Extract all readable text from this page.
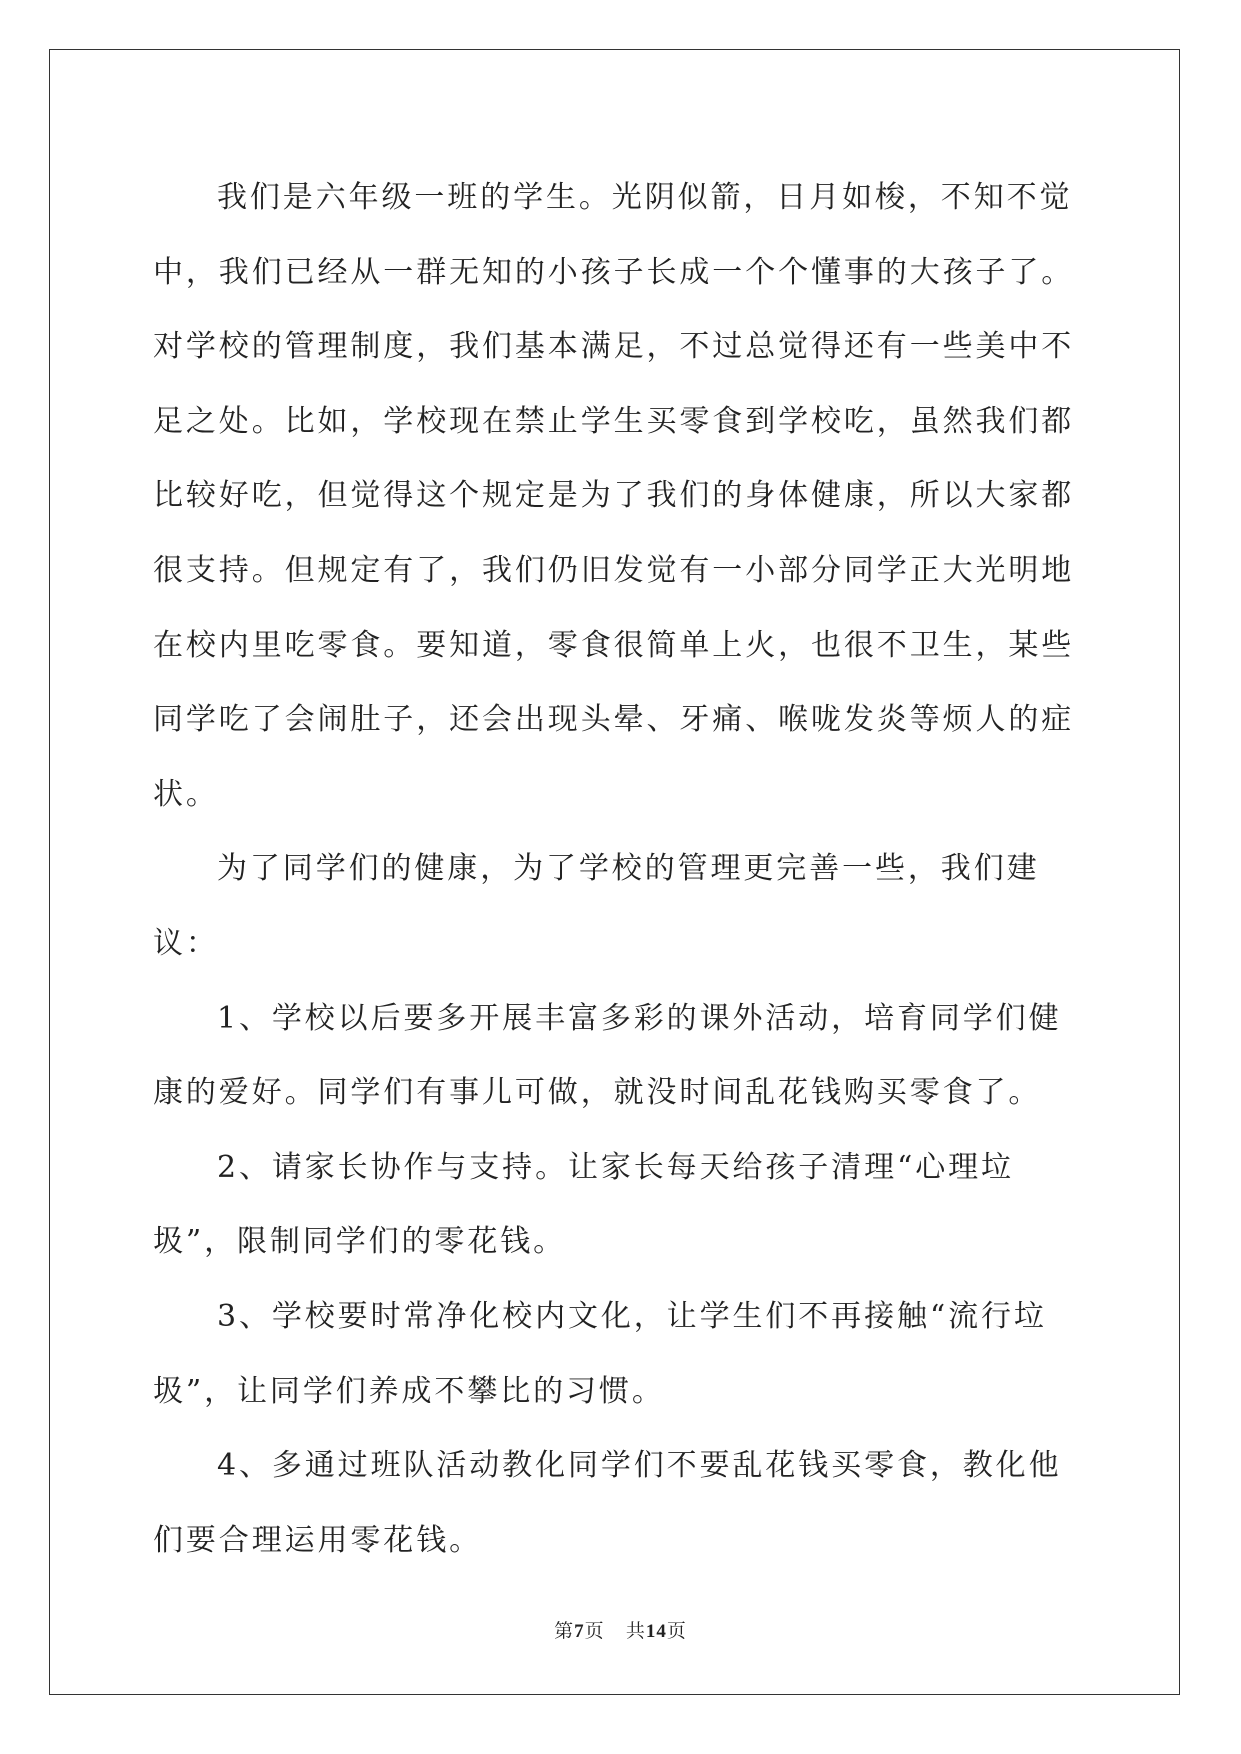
我们是六年级一班的学生。光阴似箭，日月如梭，不知不觉中，我们已经从一群无知的小孩子长成一个个懂事的大孩子了。对学校的管理制度，我们基本满足，不过总觉得还有一些美中不足之处。比如，学校现在禁止学生买零食到学校吃，虽然我们都比较好吃，但觉得这个规定是为了我们的身体健康，所以大家都很支持。但规定有了，我们仍旧发觉有一小部分同学正大光明地在校内里吃零食。要知道，零食很简单上火，也很不卫生，某些同学吃了会闹肚子，还会出现头晕、牙痛、喉咙发炎等烦人的症状。

为了同学们的健康，为了学校的管理更完善一些，我们建议：

1、学校以后要多开展丰富多彩的课外活动，培育同学们健康的爱好。同学们有事儿可做，就没时间乱花钱购买零食了。

2、请家长协作与支持。让家长每天给孩子清理“心理垃圾”，限制同学们的零花钱。

3、学校要时常净化校内文化，让学生们不再接触“流行垃圾”，让同学们养成不攀比的习惯。

4、多通过班队活动教化同学们不要乱花钱买零食，教化他们要合理运用零花钱。

第7页 共14页
